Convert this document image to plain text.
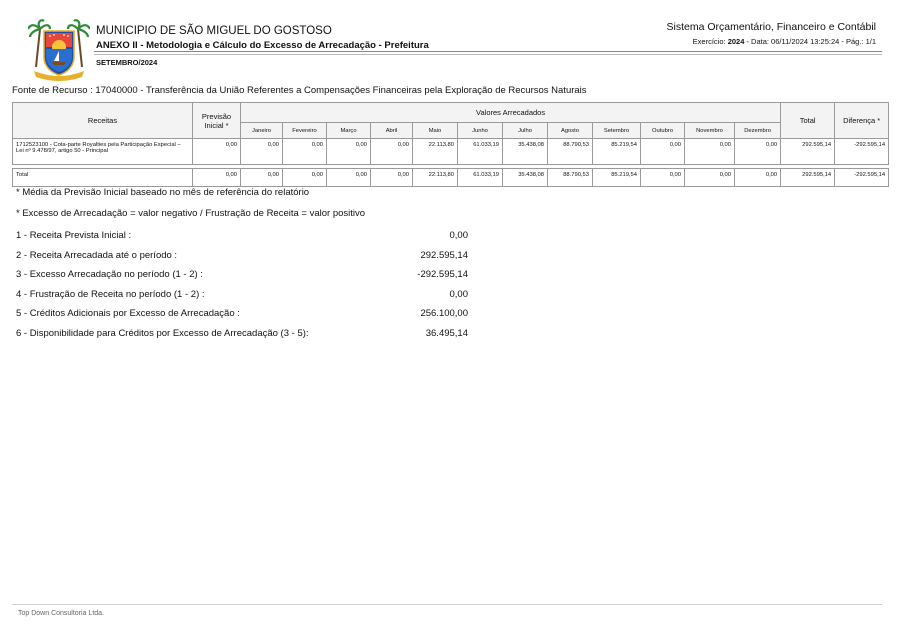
MUNICIPIO DE SÃO MIGUEL DO GOSTOSO
ANEXO II - Metodologia e Cálculo do Excesso de Arrecadação - Prefeitura
SETEMBRO/2024
Sistema Orçamentário, Financeiro e Contábil
Exercício: 2024 - Data: 06/11/2024 13:25:24 - Pág.: 1/1
Fonte de Recurso : 17040000 - Transferência da União Referentes a Compensações Financeiras pela Exploração de Recursos Naturais
Receitas	Previsão Inicial *	Valores Arrecadados												Total	Diferença *
		Janeiro	Fevereiro	Março	Abril	Maio	Junho	Julho	Agosto	Setembro	Outubro	Novembro	Dezembro		
1712523100 - Cota-parte Royalties pela Participação Especial – Lei nº 9.478/97, artigo 50 - Principal	0,00	0,00	0,00	0,00	0,00	22.113,80	61.033,19	35.438,08	88.790,53	85.219,54	0,00	0,00	0,00	292.595,14	-292.595,14

Total	0,00	0,00	0,00	0,00	0,00	22.113,80	61.033,19	35.438,08	88.790,53	85.219,54	0,00	0,00	0,00	292.595,14	-292.595,14
* Média da Previsão Inicial baseado no mês de referência do relatório
* Excesso de Arrecadação = valor negativo / Frustração de Receita = valor positivo
1 - Receita Prevista Inicial :	0,00
2 - Receita Arrecadada até o período :	292.595,14
3 - Excesso Arrecadação no período (1 - 2) :	-292.595,14
4 - Frustração de Receita no período (1 - 2) :	0,00
5 - Créditos Adicionais por Excesso de Arrecadação :	256.100,00
6 - Disponibilidade para Créditos por Excesso de Arrecadação (3 - 5):	36.495,14
Top Down Consultoria Ltda.
